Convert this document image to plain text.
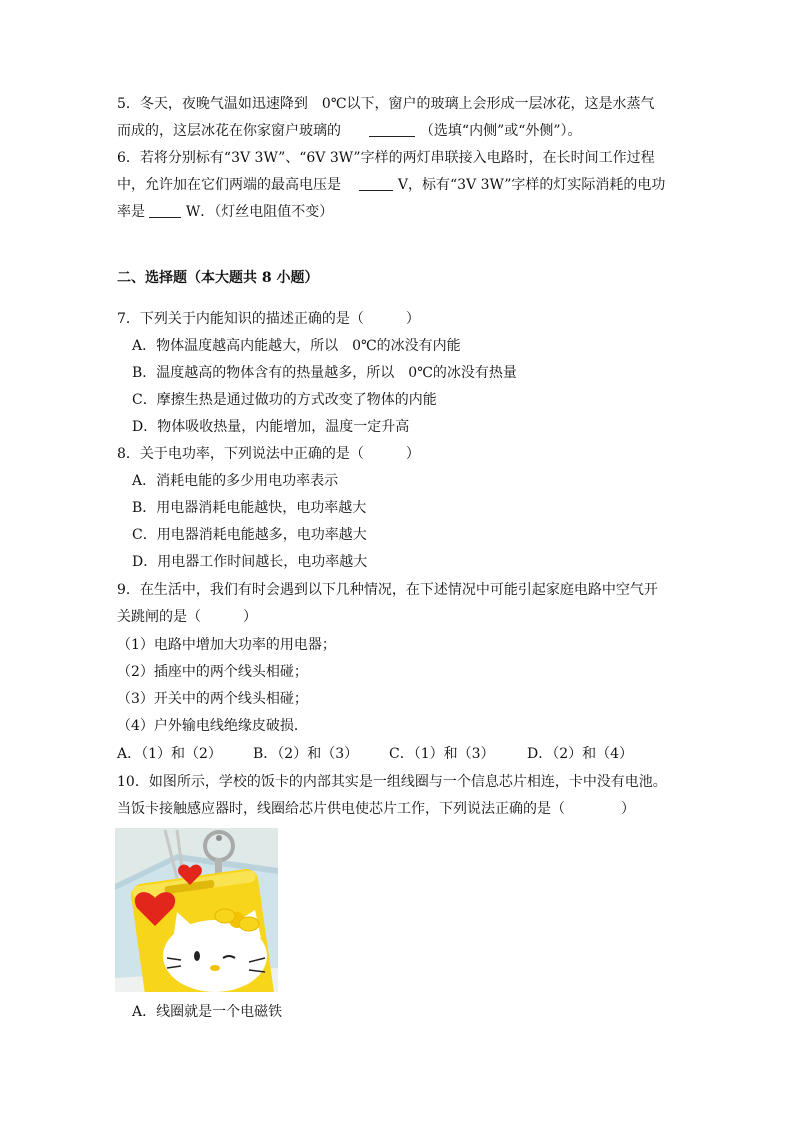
5．冬天，夜晚气温如迅速降到　0℃以下，窗户的玻璃上会形成一层冰花，这是水蒸气
而成的，这层冰花在你家窗户玻璃的	（选填“内侧”或“外侧”）。
6．若将分别标有“3V 3W”、“6V 3W”字样的两灯串联接入电路时，在长时间工作过程
中，允许加在它们两端的最高电压是	V，标有“3V 3W”字样的灯实际消耗的电功
率是	W．（灯丝电阻值不变）
二、选择题（本大题共 8 小题）
7．下列关于内能知识的描述正确的是（　　　）
A．物体温度越高内能越大，所以　0℃的冰没有内能
B．温度越高的物体含有的热量越多，所以　0℃的冰没有热量
C．摩擦生热是通过做功的方式改变了物体的内能
D．物体吸收热量，内能增加，温度一定升高
8．关于电功率，下列说法中正确的是（　　　）
A．消耗电能的多少用电功率表示
B．用电器消耗电能越快，电功率越大
C．用电器消耗电能越多，电功率越大
D．用电器工作时间越长，电功率越大
9．在生活中，我们有时会遇到以下几种情况，在下述情况中可能引起家庭电路中空气开
关跳闸的是（　　　）
（1）电路中增加大功率的用电器；
（2）插座中的两个线头相碰；
（3）开关中的两个线头相碰；
（4）户外输电线绝缘皮破损．
A．（1）和（2） B．（2）和（3） C．（1）和（3） D．（2）和（4）
10．如图所示，学校的饭卡的内部其实是一组线圈与一个信息芯片相连，卡中没有电池。
当饭卡接触感应器时，线圈给芯片供电使芯片工作，下列说法正确的是（　　　　）
A．线圈就是一个电磁铁
